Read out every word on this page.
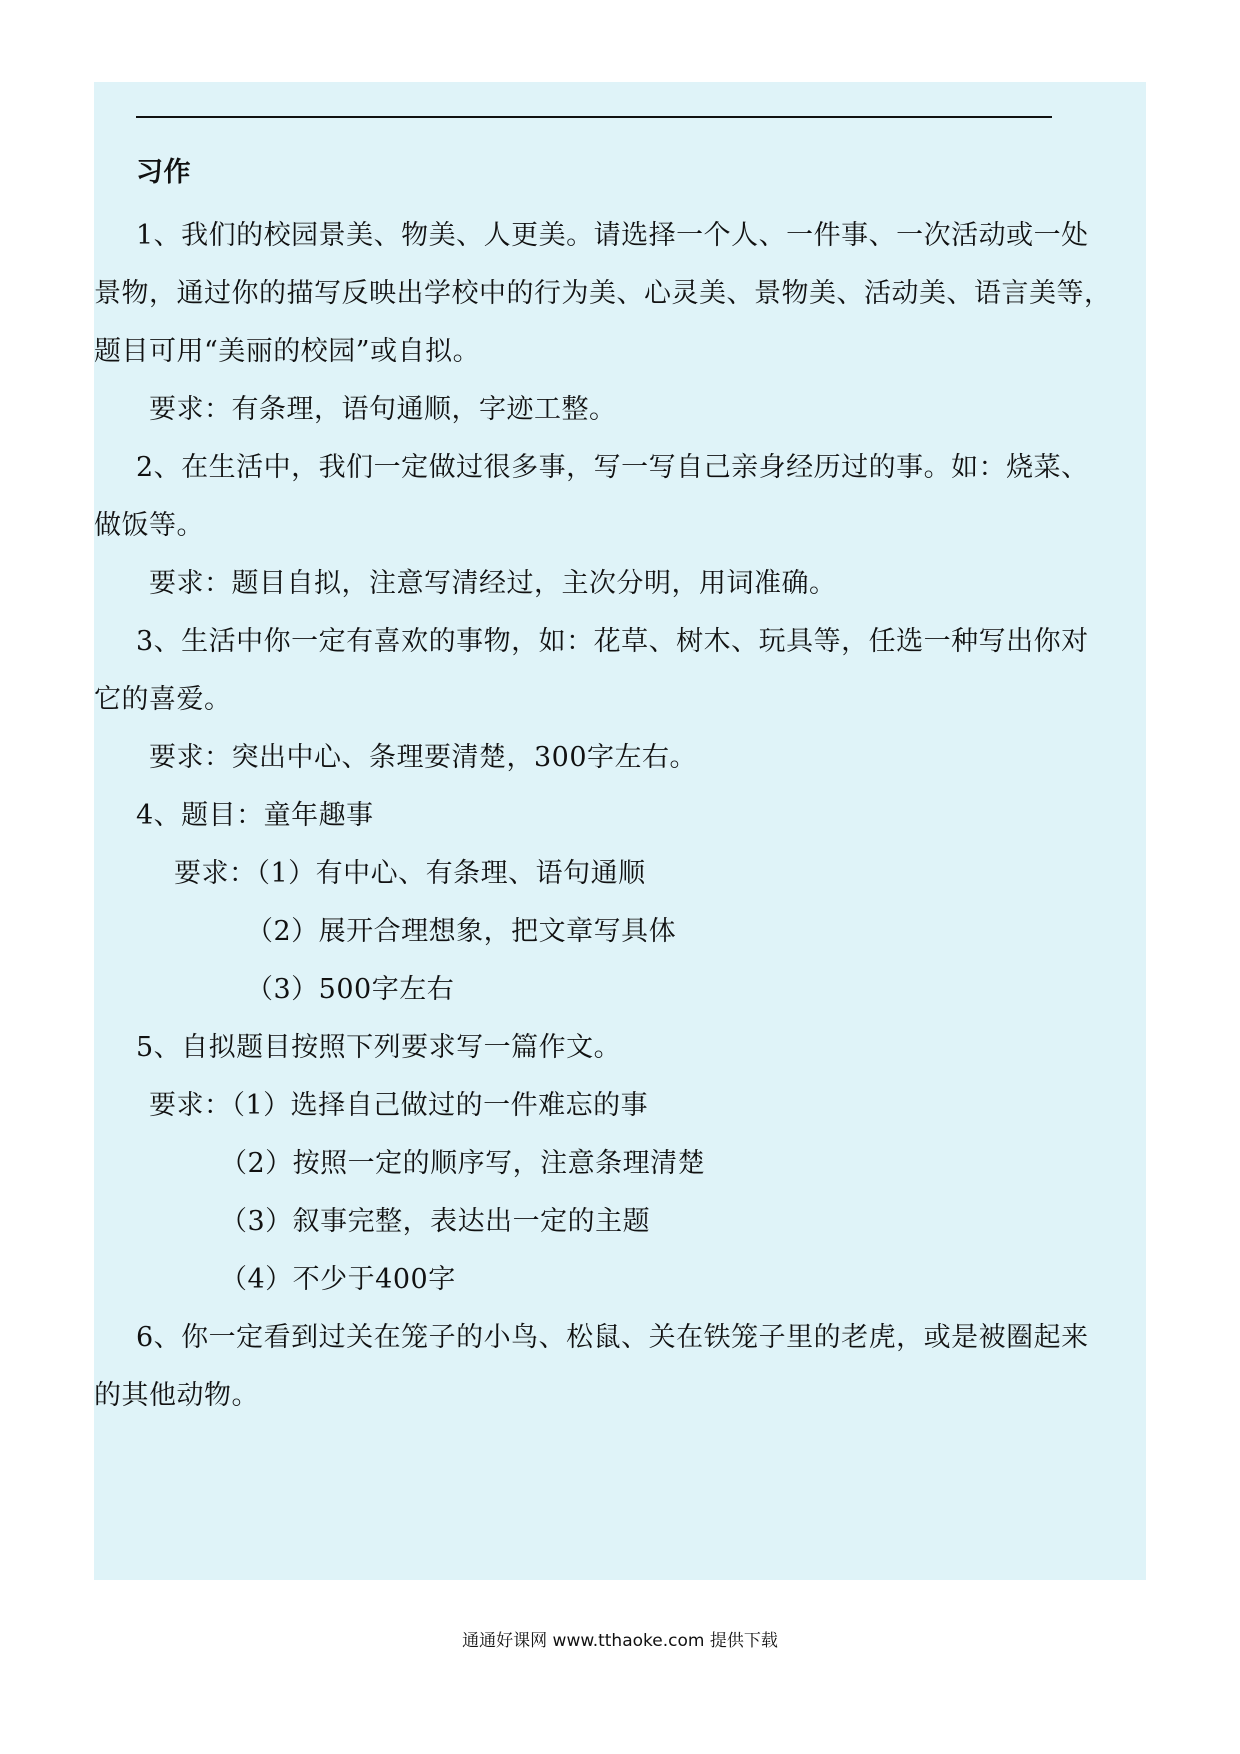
习作
1、我们的校园景美、物美、人更美。请选择一个人、一件事、一次活动或一处
景物，通过你的描写反映出学校中的行为美、心灵美、景物美、活动美、语言美等，
题目可用“美丽的校园”或自拟。
要求：有条理，语句通顺，字迹工整。
2、在生活中，我们一定做过很多事，写一写自己亲身经历过的事。如：烧菜、
做饭等。
要求：题目自拟，注意写清经过，主次分明，用词准确。
3、生活中你一定有喜欢的事物，如：花草、树木、玩具等，任选一种写出你对
它的喜爱。
要求：突出中心、条理要清楚，300字左右。
4、题目：童年趣事
要求：（1）有中心、有条理、语句通顺
（2）展开合理想象，把文章写具体
（3）500字左右
5、自拟题目按照下列要求写一篇作文。
要求：（1）选择自己做过的一件难忘的事
（2）按照一定的顺序写，注意条理清楚
（3）叙事完整，表达出一定的主题
（4）不少于400字
6、你一定看到过关在笼子的小鸟、松鼠、关在铁笼子里的老虎，或是被圈起来
的其他动物。
通通好课网 www.tthaoke.com 提供下载
